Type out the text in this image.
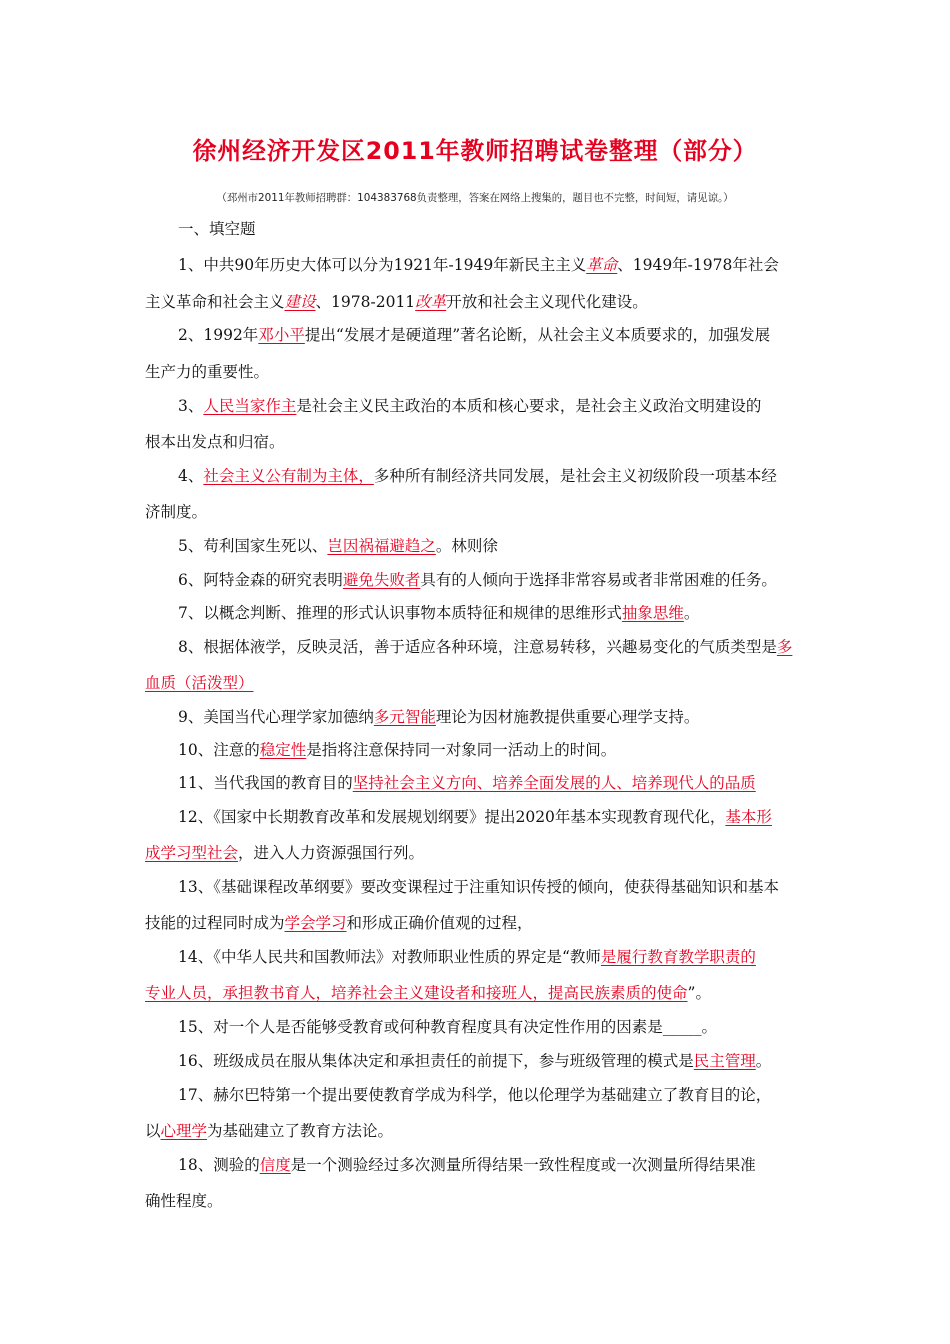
徐州经济开发区2011年教师招聘试卷整理（部分）
（邳州市2011年教师招聘群：104383768负责整理，答案在网络上搜集的，题目也不完整，时间短，请见谅。）
一、填空题
1、中共90年历史大体可以分为1921年-1949年新民主主义革命、1949年-1978年社会
主义革命和社会主义建设、1978-2011改革开放和社会主义现代化建设。
2、1992年邓小平提出“发展才是硬道理”著名论断，从社会主义本质要求的，加强发展
生产力的重要性。
3、人民当家作主是社会主义民主政治的本质和核心要求，是社会主义政治文明建设的
根本出发点和归宿。
4、社会主义公有制为主体，多种所有制经济共同发展，是社会主义初级阶段一项基本经
济制度。
5、苟利国家生死以、岂因祸福避趋之。林则徐
6、阿特金森的研究表明避免失败者具有的人倾向于选择非常容易或者非常困难的任务。
7、以概念判断、推理的形式认识事物本质特征和规律的思维形式抽象思维。
8、根据体液学，反映灵活，善于适应各种环境，注意易转移，兴趣易变化的气质类型是多
血质（活泼型）
9、美国当代心理学家加德纳多元智能理论为因材施教提供重要心理学支持。
10、注意的稳定性是指将注意保持同一对象同一活动上的时间。
11、当代我国的教育目的坚持社会主义方向、培养全面发展的人、培养现代人的品质
12、《国家中长期教育改革和发展规划纲要》提出2020年基本实现教育现代化，基本形
成学习型社会，进入人力资源强国行列。
13、《基础课程改革纲要》要改变课程过于注重知识传授的倾向，使获得基础知识和基本
技能的过程同时成为学会学习和形成正确价值观的过程，
14、《中华人民共和国教师法》对教师职业性质的界定是“教师是履行教育教学职责的
专业人员，承担教书育人，培养社会主义建设者和接班人，提高民族素质的使命”。
15、对一个人是否能够受教育或何种教育程度具有决定性作用的因素是_____。
16、班级成员在服从集体决定和承担责任的前提下，参与班级管理的模式是民主管理。
17、赫尔巴特第一个提出要使教育学成为科学，他以伦理学为基础建立了教育目的论，
以心理学为基础建立了教育方法论。
18、测验的信度是一个测验经过多次测量所得结果一致性程度或一次测量所得结果准
确性程度。
